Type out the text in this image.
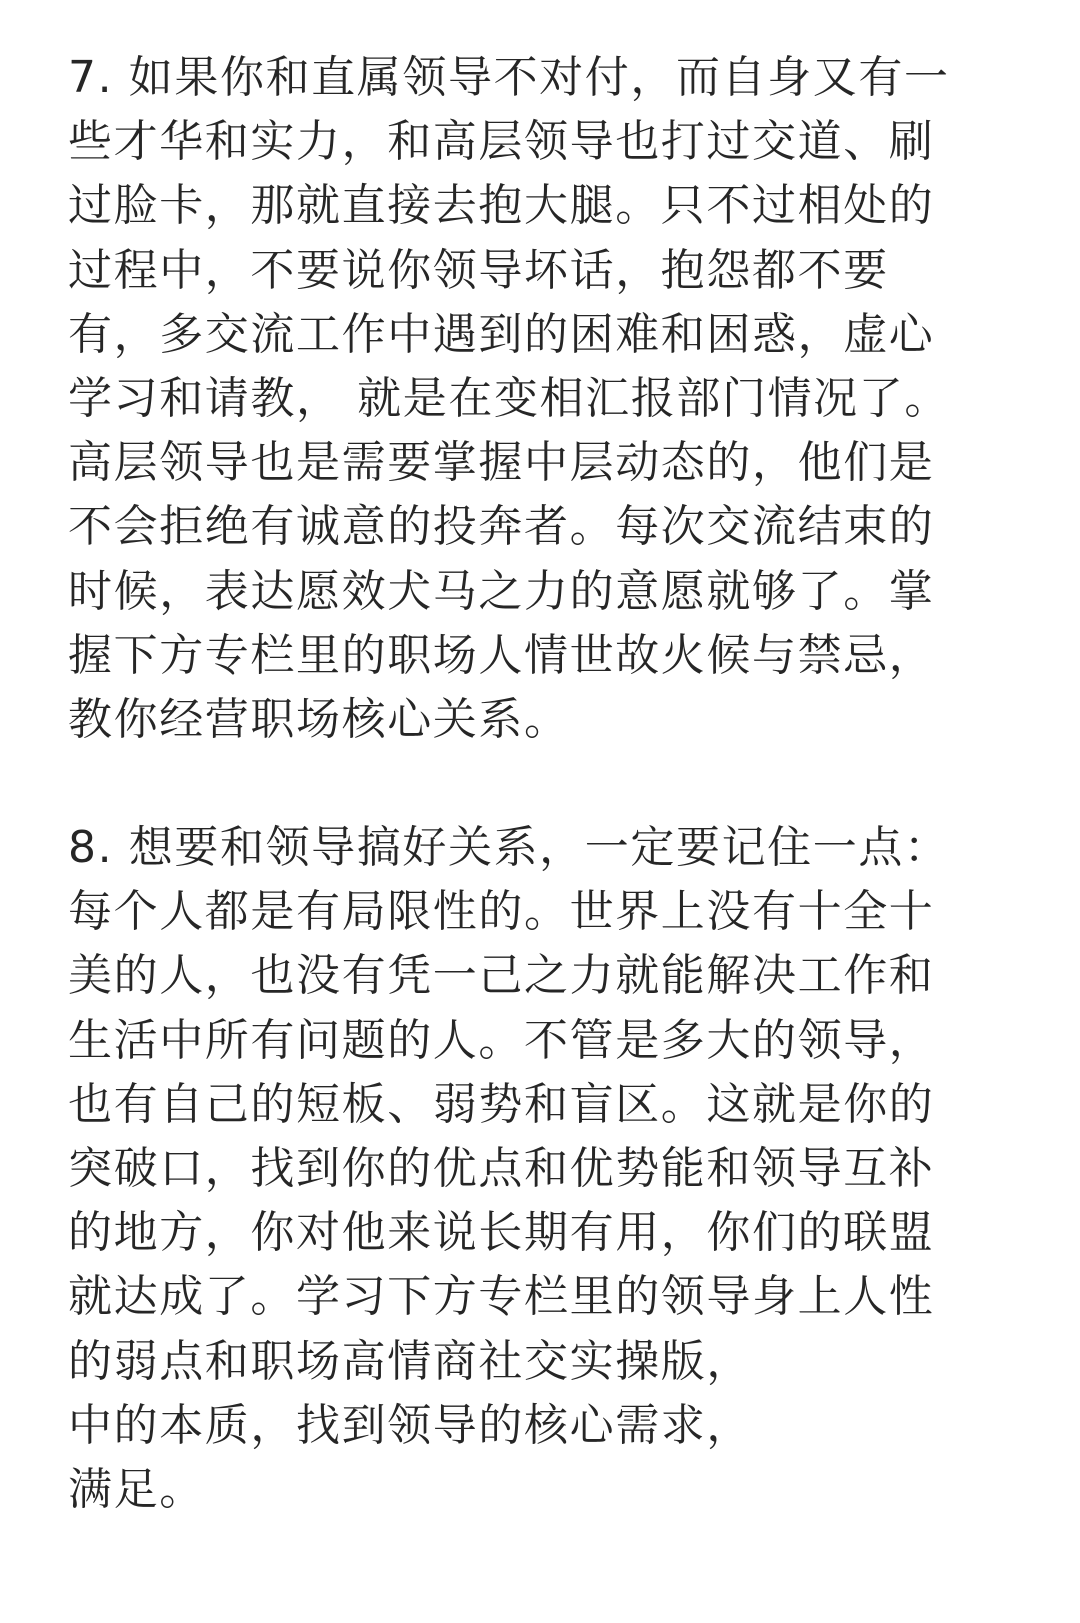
7. 如果你和直属领导不对付，而自身又有一
些才华和实力，和高层领导也打过交道、刷
过脸卡，那就直接去抱大腿。只不过相处的
过程中，不要说你领导坏话，抱怨都不要
有，多交流工作中遇到的困难和困惑，虚心
学习和请教， 就是在变相汇报部门情况了。
高层领导也是需要掌握中层动态的，他们是
不会拒绝有诚意的投奔者。每次交流结束的
时候，表达愿效犬马之力的意愿就够了。掌
握下方专栏里的职场人情世故火候与禁忌，
教你经营职场核心关系。
8. 想要和领导搞好关系，一定要记住一点：
每个人都是有局限性的。世界上没有十全十
美的人，也没有凭一己之力就能解决工作和
生活中所有问题的人。不管是多大的领导，
也有自己的短板、弱势和盲区。这就是你的
突破口，找到你的优点和优势能和领导互补
的地方，你对他来说长期有用，你们的联盟
就达成了。学习下方专栏里的领导身上人性
的弱点和职场高情商社交实操版，
中的本质，找到领导的核心需求，
满足。
